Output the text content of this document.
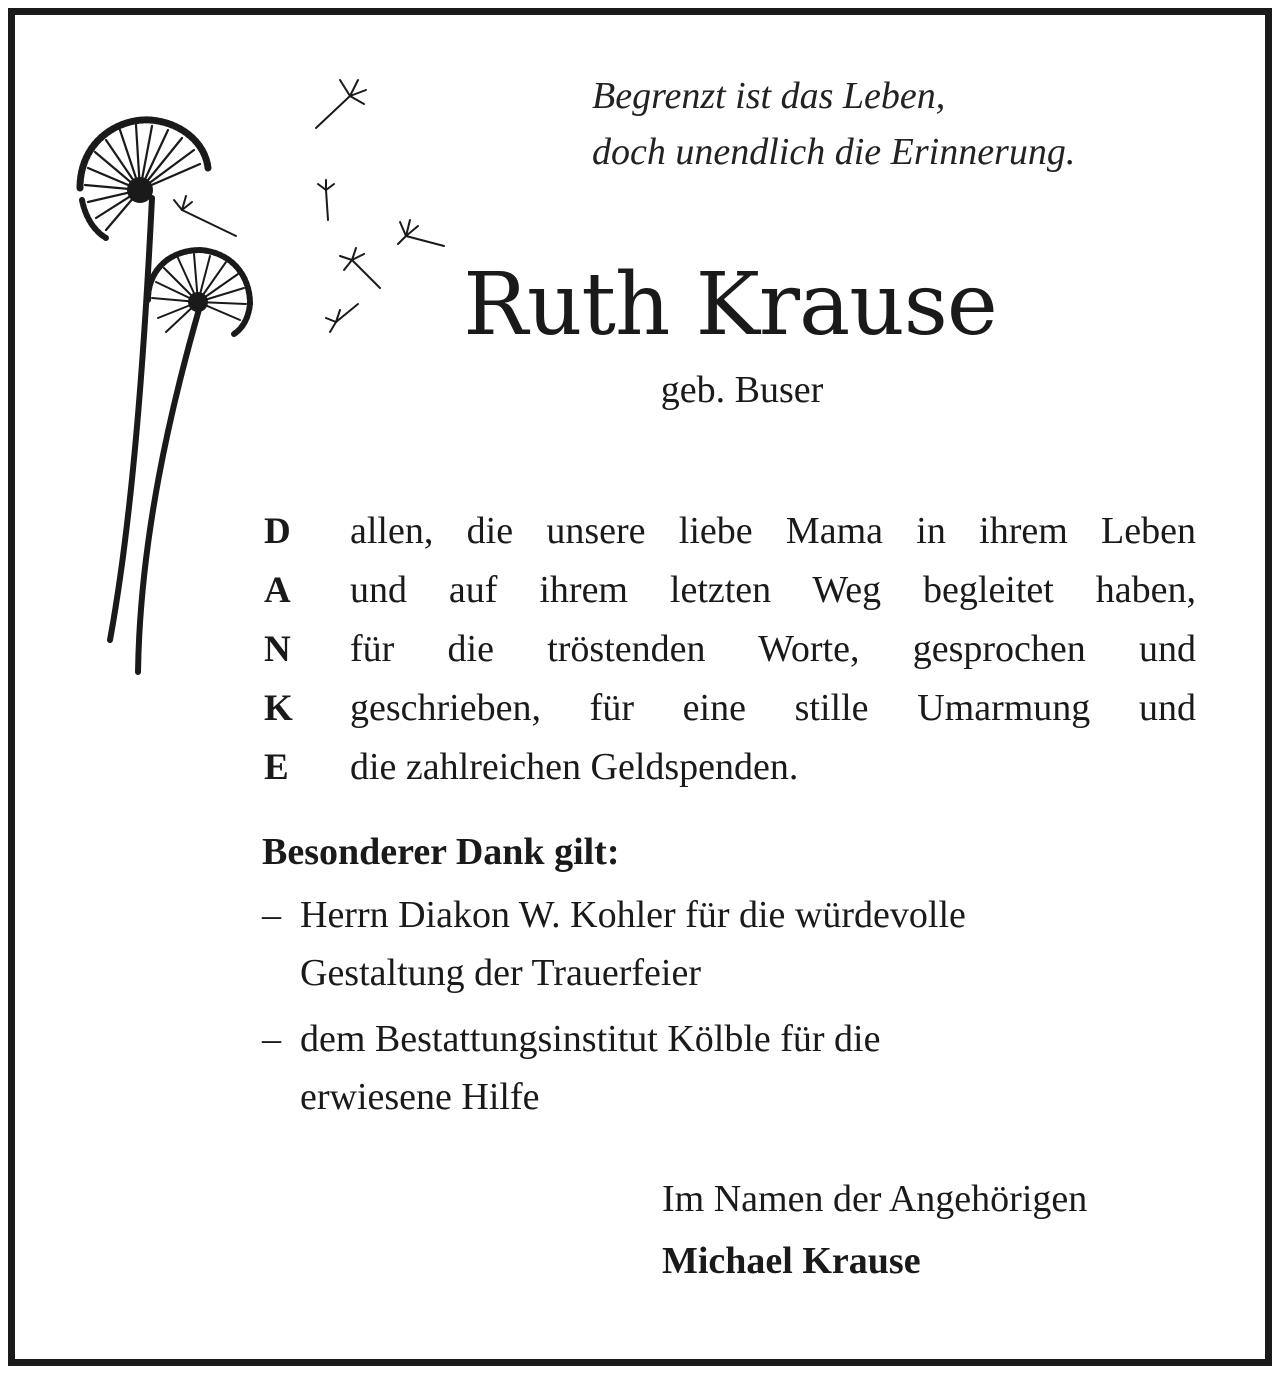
Begrenzt ist das Leben,
doch unendlich die Erinnerung.
Ruth Krause
geb. Buser
D	allen, die unsere liebe Mama in ihrem Leben
A	und auf ihrem letzten Weg begleitet haben,
N	für die tröstenden Worte, gesprochen und
K	geschrieben, für eine stille Umarmung und
E	die zahlreichen Geldspenden.
Besonderer Dank gilt:
– Herrn Diakon W. Kohler für die würdevolle
Gestaltung der Trauerfeier
– dem Bestattungsinstitut Kölble für die
erwiesene Hilfe
Im Namen der Angehörigen
Michael Krause
